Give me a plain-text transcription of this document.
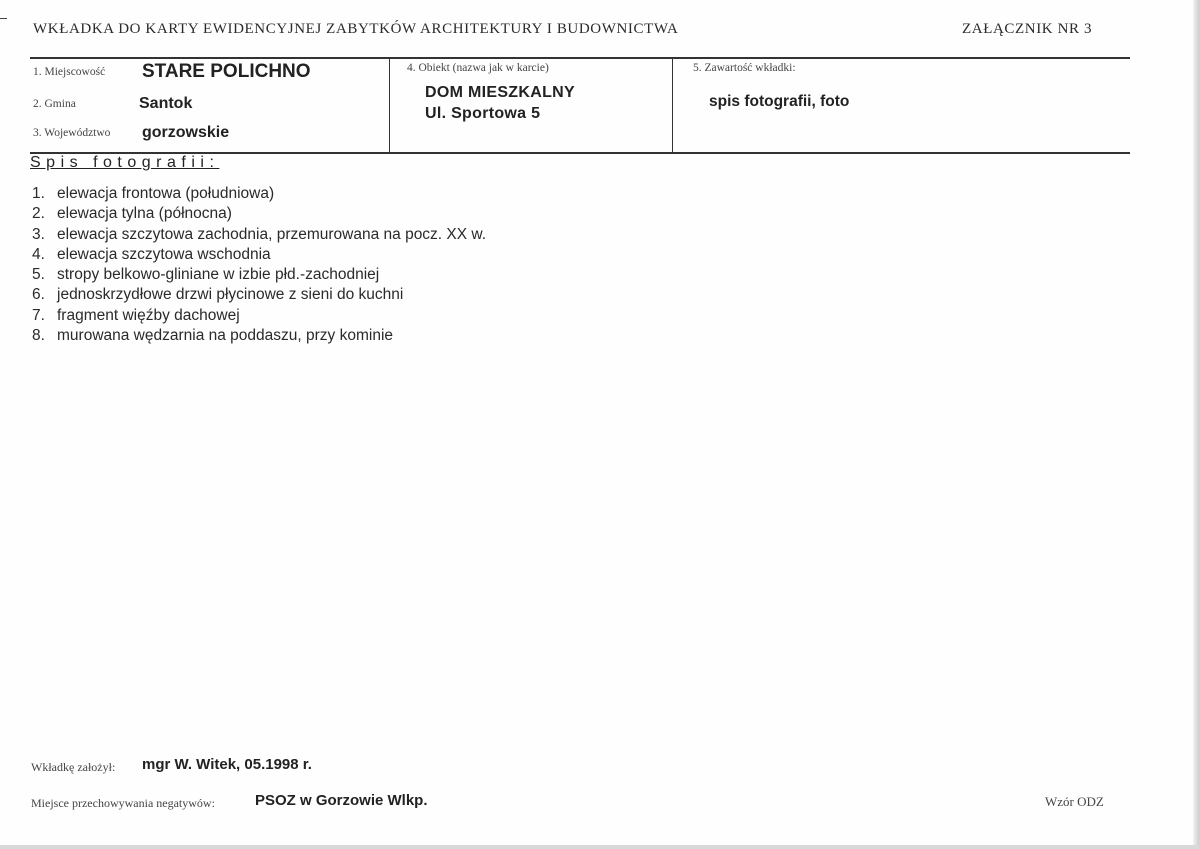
WKŁADKA DO KARTY EWIDENCYJNEJ ZABYTKÓW ARCHITEKTURY I BUDOWNICTWA	ZAŁĄCZNIK NR 3
1. Miejscowość STARE POLICHNO
2. Gmina	Santok
3. Województwo gorzowskie
4. Obiekt (nazwa jak w karcie)
DOM MIESZKALNY
Ul. Sportowa 5
5. Zawartość wkładki:
spis fotografii, foto
Spis fotografii:
1. elewacja frontowa (południowa)
2. elewacja tylna (północna)
3. elewacja szczytowa zachodnia, przemurowana na pocz. XX w.
4. elewacja szczytowa wschodnia
5. stropy belkowo-gliniane w izbie płd.-zachodniej
6. jednoskrzydłowe drzwi płycinowe z sieni do kuchni
7. fragment więźby dachowej
8. murowana wędzarnia na poddaszu, przy kominie
Wkładkę założył: mgr W. Witek, 05.1998 r.
Miejsce przechowywania negatywów:	PSOZ w Gorzowie Wlkp.	Wzór ODZ
